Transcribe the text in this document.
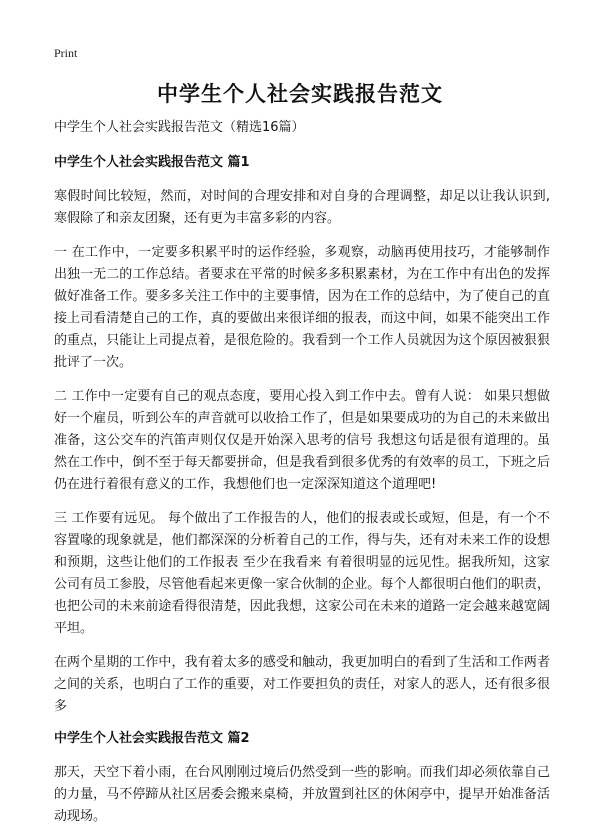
Print
中学生个人社会实践报告范文

中学生个人社会实践报告范文（精选16篇）

中学生个人社会实践报告范文 篇1

寒假时间比较短，然而，对时间的合理安排和对自身的合理调整，却足以让我认识到,寒假除了和亲友团聚，还有更为丰富多彩的内容。

一 在工作中，一定要多积累平时的运作经验，多观察，动脑再使用技巧，才能够制作出独一无二的工作总结。者要求在平常的时候多多积累素材，为在工作中有出色的发挥做好准备工作。要多多关注工作中的主要事情，因为在工作的总结中，为了使自己的直接上司看清楚自己的工作，真的要做出来很详细的报表，而这中间，如果不能突出工作的重点，只能让上司提点着，是很危险的。我看到一个工作人员就因为这个原因被狠狠批评了一次。

二 工作中一定要有自己的观点态度，要用心投入到工作中去。曾有人说： 如果只想做好一个雇员，听到公车的声音就可以收拾工作了，但是如果要成功的为自己的未来做出准备，这公交车的汽笛声则仅仅是开始深入思考的信号 我想这句话是很有道理的。虽然在工作中，倒不至于每天都要拼命，但是我看到很多优秀的有效率的员工，下班之后仍在进行着很有意义的工作，我想他们也一定深深知道这个道理吧!

三 工作要有远见。 每个做出了工作报告的人，他们的报表或长或短，但是，有一个不容置喙的现象就是，他们都深深的分析着自己的工作，得与失，还有对未来工作的设想和预期，这些让他们的工作报表 至少在我看来 有着很明显的远见性。据我所知，这家公司有员工参股，尽管他看起来更像一家合伙制的企业。每个人都很明白他们的职责，也把公司的未来前途看得很清楚，因此我想，这家公司在未来的道路一定会越来越宽阔平坦。

在两个星期的工作中，我有着太多的感受和触动，我更加明白的看到了生活和工作两者之间的关系，也明白了工作的重要，对工作要担负的责任，对家人的恶人，还有很多很多

中学生个人社会实践报告范文 篇2

那天，天空下着小雨，在台风刚刚过境后仍然受到一些的影响。而我们却必须依靠自己的力量，马不停蹄从社区居委会搬来桌椅，并放置到社区的休闲亭中，提早开始准备活动现场。
